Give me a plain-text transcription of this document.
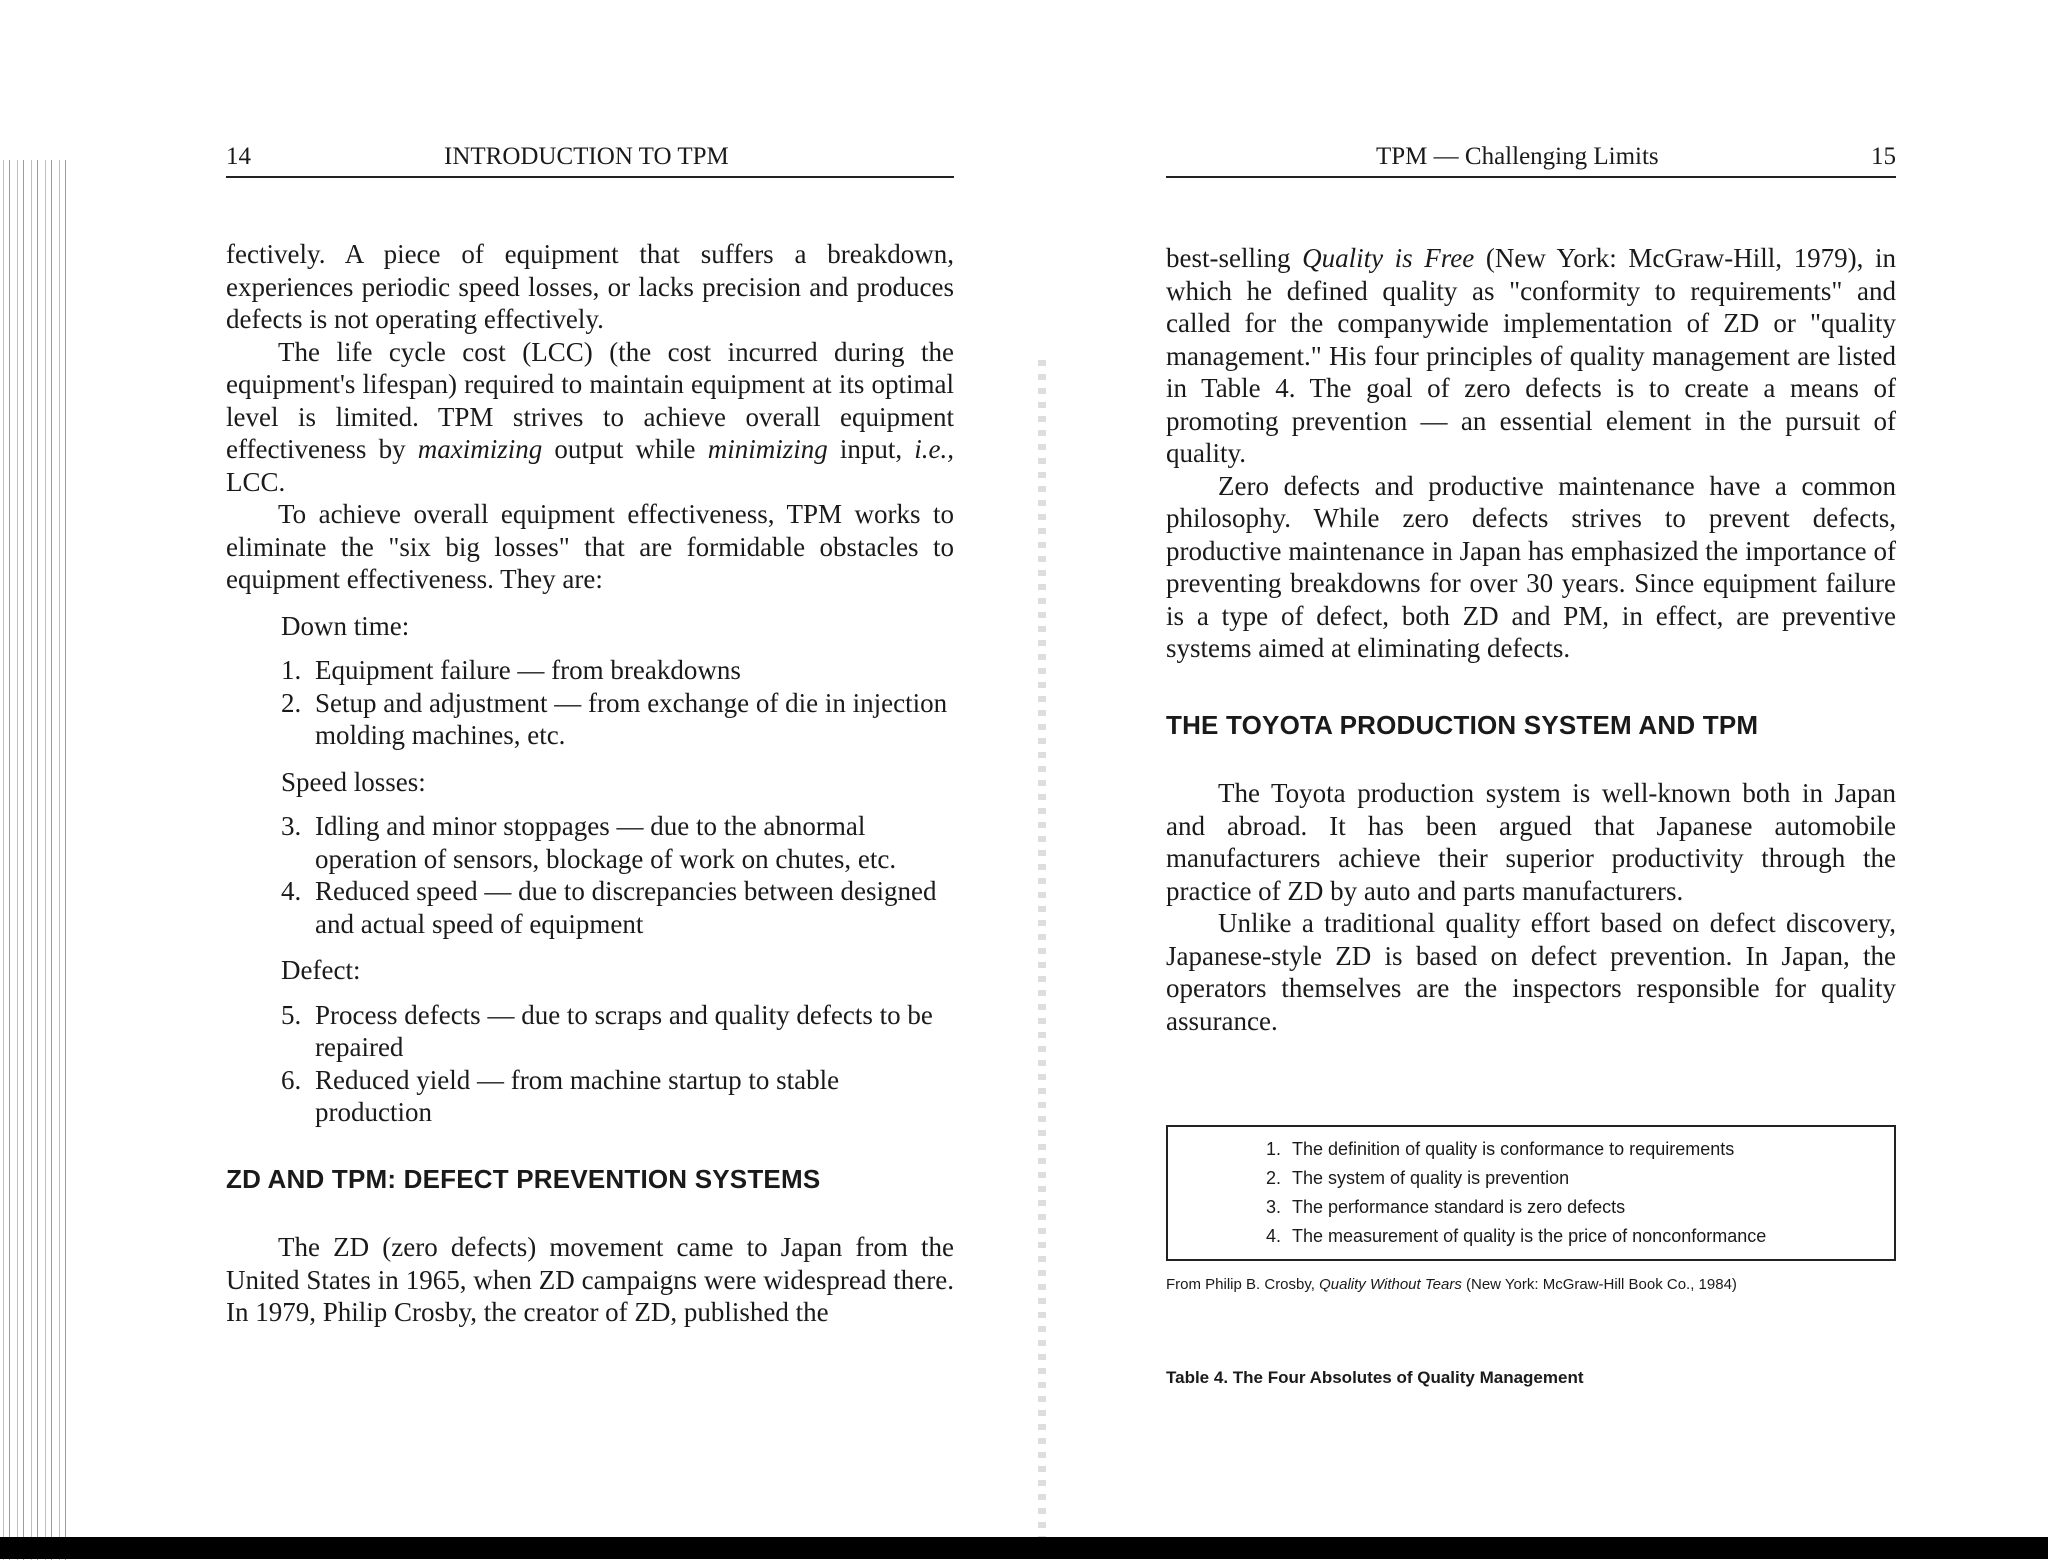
14	INTRODUCTION TO TPM

fectively. A piece of equipment that suffers a breakdown, experiences periodic speed losses, or lacks precision and produces defects is not operating effectively.

The life cycle cost (LCC) (the cost incurred during the equipment's lifespan) required to maintain equipment at its optimal level is limited. TPM strives to achieve overall equipment effectiveness by maximizing output while minimizing input, i.e., LCC.

To achieve overall equipment effectiveness, TPM works to eliminate the "six big losses" that are formidable obstacles to equipment effectiveness. They are:

Down time:
1. Equipment failure — from breakdowns
2. Setup and adjustment — from exchange of die in injection molding machines, etc.
Speed losses:
3. Idling and minor stoppages — due to the abnormal operation of sensors, blockage of work on chutes, etc.
4. Reduced speed — due to discrepancies between designed and actual speed of equipment
Defect:
5. Process defects — due to scraps and quality defects to be repaired
6. Reduced yield — from machine startup to stable production
ZD AND TPM: DEFECT PREVENTION SYSTEMS

The ZD (zero defects) movement came to Japan from the United States in 1965, when ZD campaigns were widespread there. In 1979, Philip Crosby, the creator of ZD, published the

TPM — Challenging Limits	15

best-selling Quality is Free (New York: McGraw-Hill, 1979), in which he defined quality as "conformity to requirements" and called for the companywide implementation of ZD or "quality management." His four principles of quality management are listed in Table 4. The goal of zero defects is to create a means of promoting prevention — an essential element in the pursuit of quality.

Zero defects and productive maintenance have a common philosophy. While zero defects strives to prevent defects, productive maintenance in Japan has emphasized the importance of preventing breakdowns for over 30 years. Since equipment failure is a type of defect, both ZD and PM, in effect, are preventive systems aimed at eliminating defects.

THE TOYOTA PRODUCTION SYSTEM AND TPM

The Toyota production system is well-known both in Japan and abroad. It has been argued that Japanese automobile manufacturers achieve their superior productivity through the practice of ZD by auto and parts manufacturers.

Unlike a traditional quality effort based on defect discovery, Japanese-style ZD is based on defect prevention. In Japan, the operators themselves are the inspectors responsible for quality assurance.

1. The definition of quality is conformance to requirements
2. The system of quality is prevention
3. The performance standard is zero defects
4. The measurement of quality is the price of nonconformance
From Philip B. Crosby, Quality Without Tears (New York: McGraw-Hill Book Co., 1984)
Table 4. The Four Absolutes of Quality Management
